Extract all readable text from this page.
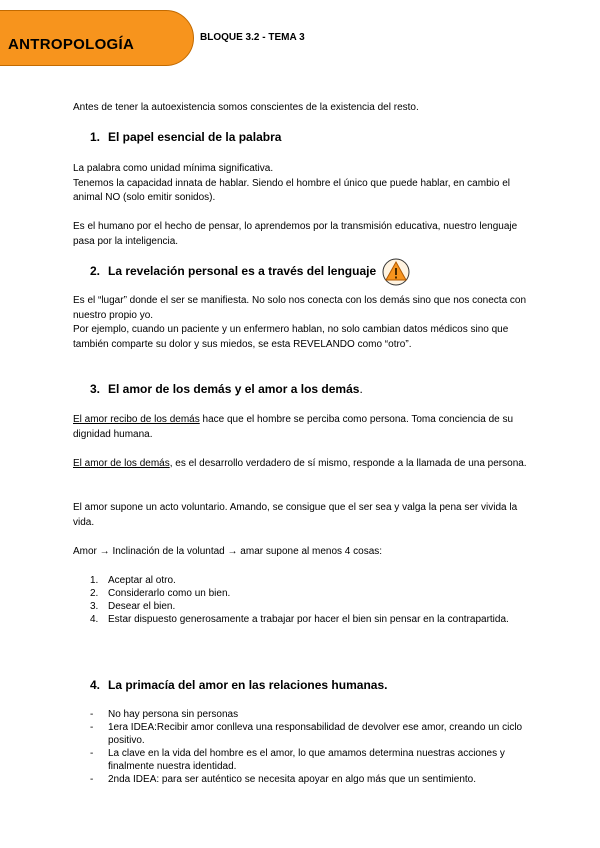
ANTROPOLOGÍA	BLOQUE 3.2 - TEMA 3

Antes de tener la autoexistencia somos conscientes de la existencia del resto.

1. El papel esencial de la palabra

La palabra como unidad mínima significativa.
Tenemos la capacidad innata de hablar. Siendo el hombre el único que puede hablar, en cambio el animal NO (solo emitir sonidos).

Es el humano por el hecho de pensar, lo aprendemos por la transmisión educativa, nuestro lenguaje pasa por la inteligencia.

2. La revelación personal es a través del lenguaje

Es el “lugar” donde el ser se manifiesta. No solo nos conecta con los demás sino que nos conecta con nuestro propio yo.

Por ejemplo, cuando un paciente y un enfermero hablan, no solo cambian datos médicos sino que también comparte su dolor y sus miedos, se esta REVELANDO como “otro”.

3. El amor de los demás y el amor a los demás.

El amor recibo de los demás hace que el hombre se perciba como persona. Toma conciencia de su dignidad humana.

El amor de los demás, es el desarrollo verdadero de sí mismo, responde a la llamada de una persona.

El amor supone un acto voluntario. Amando, se consigue que el ser sea y valga la pena ser vivida la vida.

Amor → Inclinación de la voluntad → amar supone al menos 4 cosas:

1. Aceptar al otro.
2. Considerarlo como un bien.
3. Desear el bien.
4. Estar dispuesto generosamente a trabajar por hacer el bien sin pensar en la contrapartida.
4. La primacía del amor en las relaciones humanas.
- No hay persona sin personas
- 1era IDEA:Recibir amor conlleva una responsabilidad de devolver ese amor, creando un ciclo positivo.
- La clave en la vida del hombre es el amor, lo que amamos determina nuestras acciones y finalmente nuestra identidad.
- 2nda IDEA: para ser auténtico se necesita apoyar en algo más que un sentimiento.
